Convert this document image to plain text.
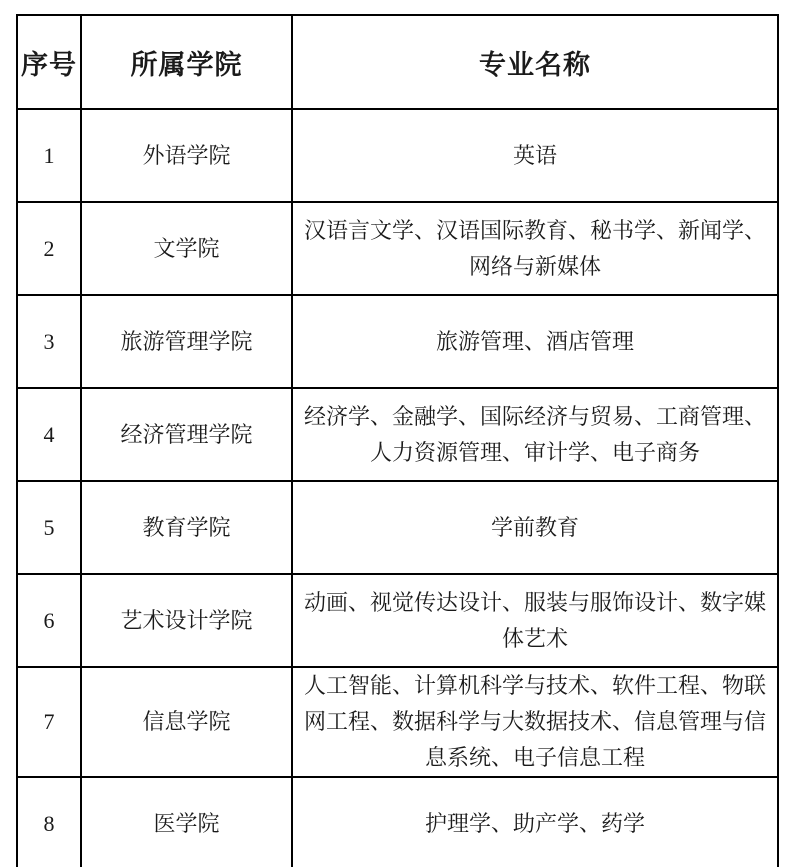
序号	所属学院	专业名称
1	外语学院	英语
2	文学院	汉语言文学、汉语国际教育、秘书学、新闻学、网络与新媒体
3	旅游管理学院	旅游管理、酒店管理
4	经济管理学院	经济学、金融学、国际经济与贸易、工商管理、人力资源管理、审计学、电子商务
5	教育学院	学前教育
6	艺术设计学院	动画、视觉传达设计、服装与服饰设计、数字媒体艺术
7	信息学院	人工智能、计算机科学与技术、软件工程、物联网工程、数据科学与大数据技术、信息管理与信息系统、电子信息工程
8	医学院	护理学、助产学、药学
